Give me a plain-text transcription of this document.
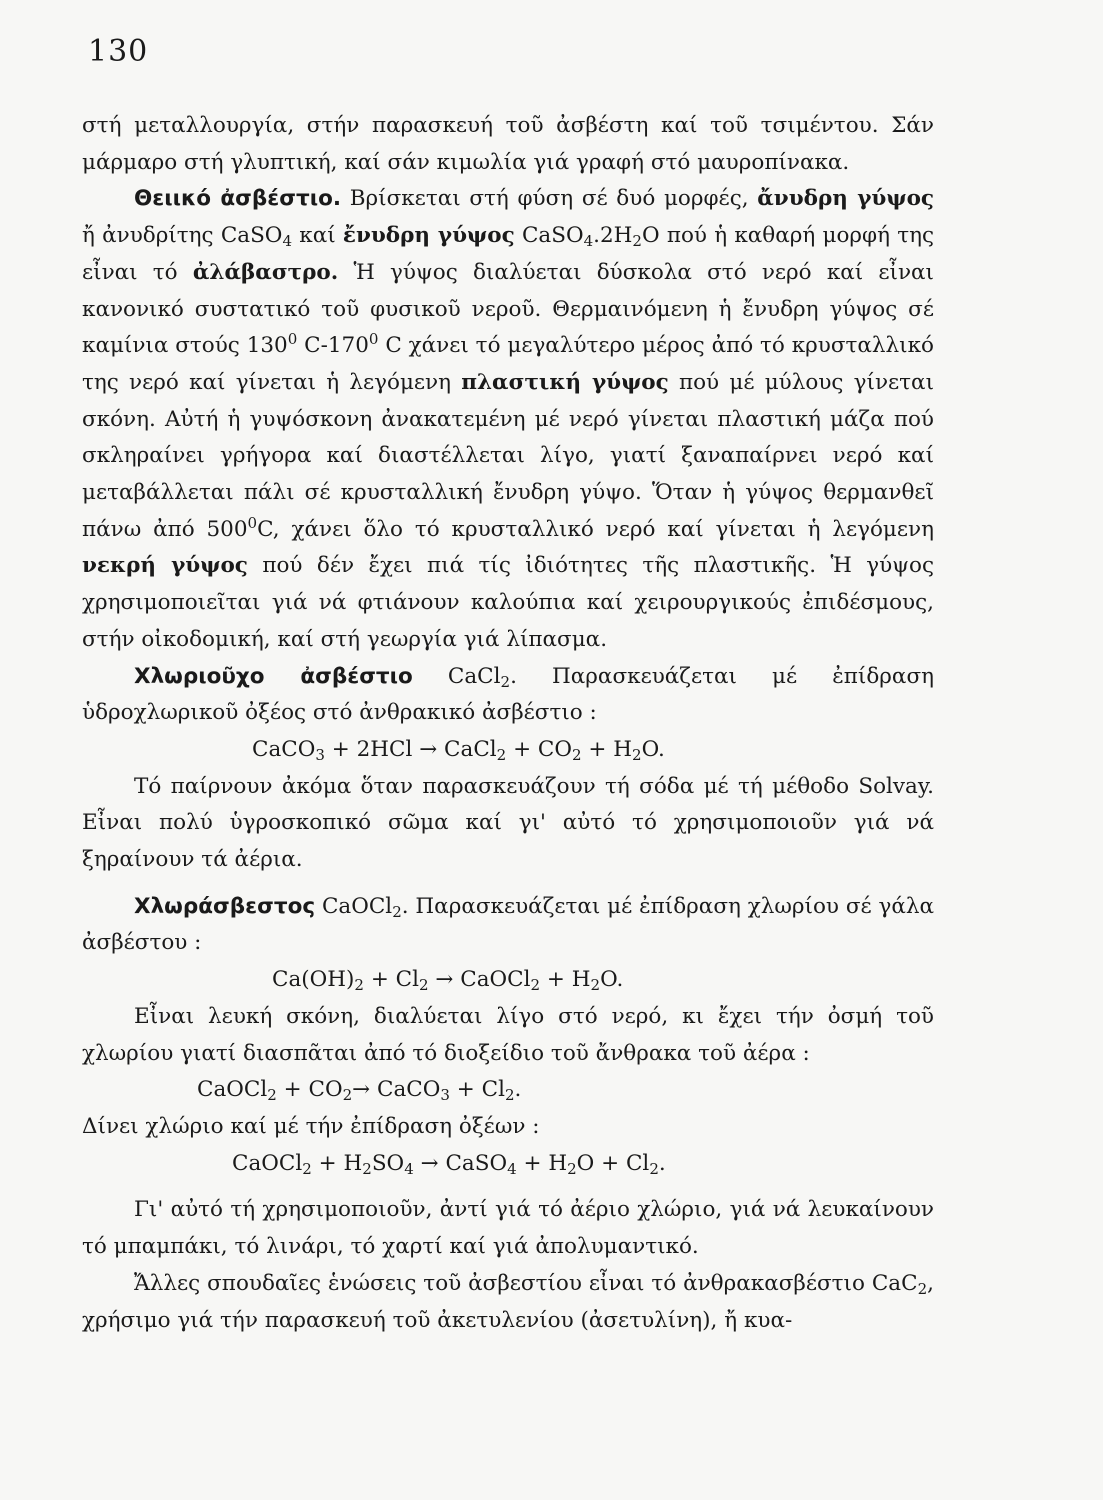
130

στή μεταλλουργία, στήν παρασκευή τοῦ ἀσβέστη καί τοῦ τσιμέντου. Σάν μάρμαρο στή γλυπτική, καί σάν κιμωλία γιά γραφή στό μαυροπίνακα.

Θειικό ἀσβέστιο. Βρίσκεται στή φύση σέ δυό μορφές, ἄνυδρη γύψος ἤ ἀνυδρίτης CaSO$_4$ καί ἔνυδρη γύψος $CaSO_4.2H_2O$ πού ἡ καθαρή μορφή της εἶναι τό ἀλάβαστρο. Ἡ γύψος διαλύεται δύσκολα στό νερό καί εἶναι κανονικό συστατικό τοῦ φυσικοῦ νεροῦ. Θερμαινόμενη ἡ ἔνυδρη γύψος σέ καμίνια στούς $130^0$ $C-170^0$ C χάνει τό μεγαλύτερο μέρος ἀπό τό κρυσταλλικό της νερό καί γίνεται ἡ λεγόμενη πλαστική γύψος πού μέ μύλους γίνεται σκόνη. Αὐτή ἡ γυψόσκονη ἀνακατεμένη μέ νερό γίνεται πλαστική μάζα πού σκληραίνει γρήγορα καί διαστέλλεται λίγο, γιατί ξαναπαίρνει νερό καί μεταβάλλεται πάλι σέ κρυσταλλική ἔνυδρη γύψο. Ὅταν ἡ γύψος θερμανθεῖ πάνω ἀπό $500^0C$, χάνει ὅλο τό κρυσταλλικό νερό καί γίνεται ἡ λεγόμενη νεκρή γύψος πού δέν ἔχει πιά τίς ἰδιότητες τῆς πλαστικῆς. Ἡ γύψος χρησιμοποιεῖται γιά νά φτιάνουν καλούπια καί χειρουργικούς ἐπιδέσμους, στήν οἰκοδομική, καί στή γεωργία γιά λίπασμα.

Χλωριοῦχο ἀσβέστιο CaCl$_2$. Παρασκευάζεται μέ ἐπίδραση ὑδροχλωρικοῦ ὀξέος στό ἀνθρακικό ἀσβέστιο :

CaCO$_3$ + 2HCl → CaCl$_2$ + $CO_2 + H_2O$.

Τό παίρνουν ἀκόμα ὅταν παρασκευάζουν τή σόδα μέ τή μέθοδο Solvay. Εἶναι πολύ ὑγροσκοπικό σῶμα καί γι' αὐτό τό χρησιμοποιοῦν γιά νά ξηραίνουν τά ἀέρια.

Χλωράσβεστος CaOCl$_2$. Παρασκευάζεται μέ ἐπίδραση χλωρίου σέ γάλα ἀσβέστου :

$Ca(OH)_2 + Cl_2$ → CaOCl$_2$ + $H_2O$.

Εἶναι λευκή σκόνη, διαλύεται λίγο στό νερό, κι ἔχει τήν ὀσμή τοῦ χλωρίου γιατί διασπᾶται ἀπό τό διοξείδιο τοῦ ἄνθρακα τοῦ ἀέρα :

CaOCl$_2$ + $CO_2\to$ CaCO$_3$ + $Cl_2$.

Δίνει χλώριο καί μέ τήν ἐπίδραση ὀξέων :

CaOCl$_2$ + $H_2SO_4$ → CaSO$_4$ + $H_2O + Cl_2$.

Γι' αὐτό τή χρησιμοποιοῦν, ἀντί γιά τό ἀέριο χλώριο, γιά νά λευκαίνουν τό μπαμπάκι, τό λινάρι, τό χαρτί καί γιά ἀπολυμαντικό.

Ἄλλες σπουδαῖες ἑνώσεις τοῦ ἀσβεστίου εἶναι τό ἀνθρακασβέστιο CaC$_2$, χρήσιμο γιά τήν παρασκευή τοῦ ἀκετυλενίου (ἀσετυλίνη), ἤ κυα-
